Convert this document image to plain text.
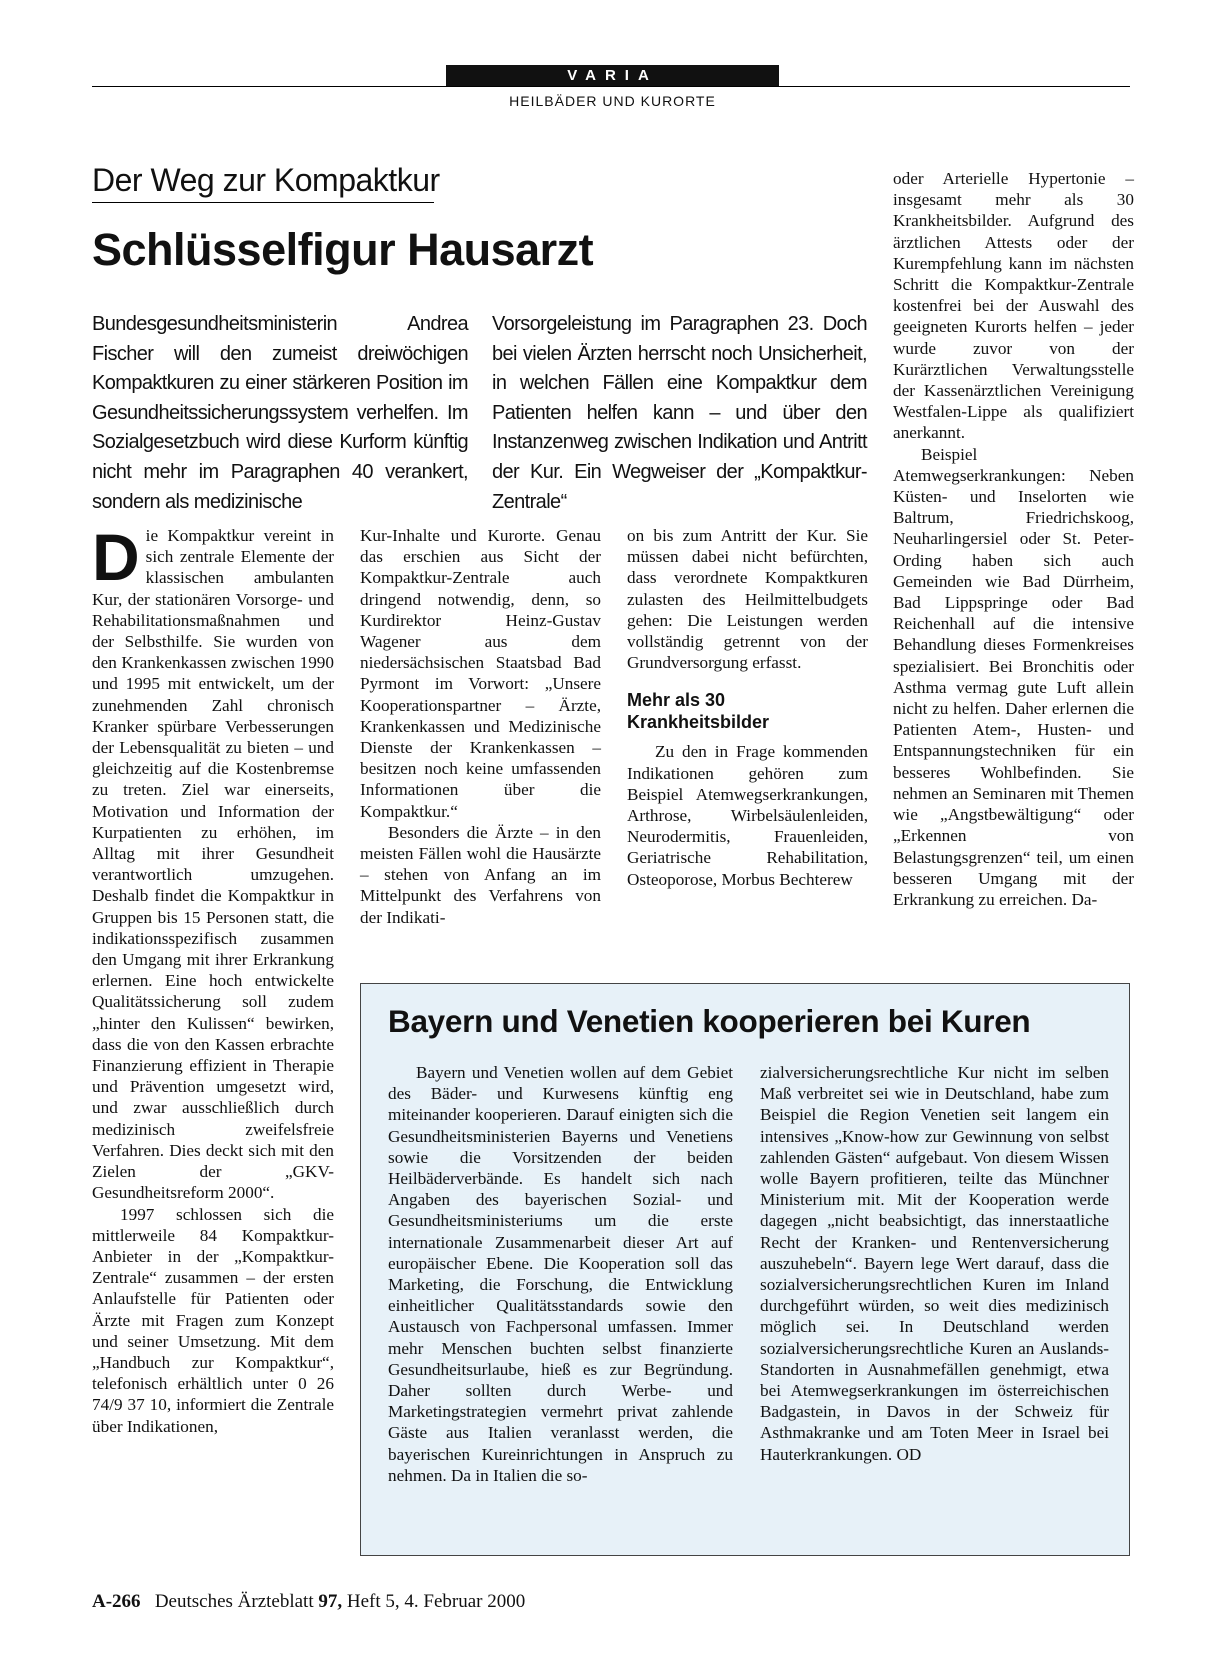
VARIA
HEILBÄDER UND KURORTE
Der Weg zur Kompaktkur
Schlüsselfigur Hausarzt

Bundesgesundheitsministerin Andrea Fischer will den zumeist dreiwöchigen Kompaktkuren zu einer stärkeren Position im Gesundheitssicherungssystem verhelfen. Im Sozialgesetzbuch wird diese Kurform künftig nicht mehr im Paragraphen 40 verankert, sondern als medizinische

Vorsorgeleistung im Paragraphen 23. Doch bei vielen Ärzten herrscht noch Unsicherheit, in welchen Fällen eine Kompaktkur dem Patienten helfen kann – und über den Instanzenweg zwischen Indikation und Antritt der Kur. Ein Wegweiser der „Kompaktkur-Zentrale“

Die Kompaktkur vereint in sich zentrale Elemente der klassischen ambulanten Kur, der stationären Vorsorge- und Rehabilitationsmaßnahmen und der Selbsthilfe. Sie wurden von den Krankenkassen zwischen 1990 und 1995 mit entwickelt, um der zunehmenden Zahl chronisch Kranker spürbare Verbesserungen der Lebensqualität zu bieten – und gleichzeitig auf die Kostenbremse zu treten. Ziel war einerseits, Motivation und Information der Kurpatienten zu erhöhen, im Alltag mit ihrer Gesundheit verantwortlich umzugehen. Deshalb findet die Kompaktkur in Gruppen bis 15 Personen statt, die indikationsspezifisch zusammen den Umgang mit ihrer Erkrankung erlernen. Eine hoch entwickelte Qualitätssicherung soll zudem „hinter den Kulissen“ bewirken, dass die von den Kassen erbrachte Finanzierung effizient in Therapie und Prävention umgesetzt wird, und zwar ausschließlich durch medizinisch zweifelsfreie Verfahren. Dies deckt sich mit den Zielen der „GKV-Gesundheitsreform 2000“.

1997 schlossen sich die mittlerweile 84 Kompaktkur-Anbieter in der „Kompaktkur-Zentrale“ zusammen – der ersten Anlaufstelle für Patienten oder Ärzte mit Fragen zum Konzept und seiner Umsetzung. Mit dem „Handbuch zur Kompaktkur“, telefonisch erhältlich unter 0 26 74/9 37 10, informiert die Zentrale über Indikationen,

Kur-Inhalte und Kurorte. Genau das erschien aus Sicht der Kompaktkur-Zentrale auch dringend notwendig, denn, so Kurdirektor Heinz-Gustav Wagener aus dem niedersächsischen Staatsbad Bad Pyrmont im Vorwort: „Unsere Kooperationspartner – Ärzte, Krankenkassen und Medizinische Dienste der Krankenkassen – besitzen noch keine umfassenden Informationen über die Kompaktkur.“

Besonders die Ärzte – in den meisten Fällen wohl die Hausärzte – stehen von Anfang an im Mittelpunkt des Verfahrens von der Indikati-

on bis zum Antritt der Kur. Sie müssen dabei nicht befürchten, dass verordnete Kompaktkuren zulasten des Heilmittelbudgets gehen: Die Leistungen werden vollständig getrennt von der Grundversorgung erfasst.

Mehr als 30 Krankheitsbilder

Zu den in Frage kommenden Indikationen gehören zum Beispiel Atemwegserkrankungen, Arthrose, Wirbelsäulenleiden, Neurodermitis, Frauenleiden, Geriatrische Rehabilitation, Osteoporose, Morbus Bechterew

oder Arterielle Hypertonie – insgesamt mehr als 30 Krankheitsbilder. Aufgrund des ärztlichen Attests oder der Kurempfehlung kann im nächsten Schritt die Kompaktkur-Zentrale kostenfrei bei der Auswahl des geeigneten Kurorts helfen – jeder wurde zuvor von der Kurärztlichen Verwaltungsstelle der Kassenärztlichen Vereinigung Westfalen-Lippe als qualifiziert anerkannt.

Beispiel Atemwegserkrankungen: Neben Küsten- und Inselorten wie Baltrum, Friedrichskoog, Neuharlingersiel oder St. Peter-Ording haben sich auch Gemeinden wie Bad Dürrheim, Bad Lippspringe oder Bad Reichenhall auf die intensive Behandlung dieses Formenkreises spezialisiert. Bei Bronchitis oder Asthma vermag gute Luft allein nicht zu helfen. Daher erlernen die Patienten Atem-, Husten- und Entspannungstechniken für ein besseres Wohlbefinden. Sie nehmen an Seminaren mit Themen wie „Angstbewältigung“ oder „Erkennen von Belastungsgrenzen“ teil, um einen besseren Umgang mit der Erkrankung zu erreichen. Da-

Bayern und Venetien kooperieren bei Kuren

Bayern und Venetien wollen auf dem Gebiet des Bäder- und Kurwesens künftig eng miteinander kooperieren. Darauf einigten sich die Gesundheitsministerien Bayerns und Venetiens sowie die Vorsitzenden der beiden Heilbäderverbände. Es handelt sich nach Angaben des bayerischen Sozial- und Gesundheitsministeriums um die erste internationale Zusammenarbeit dieser Art auf europäischer Ebene. Die Kooperation soll das Marketing, die Forschung, die Entwicklung einheitlicher Qualitätsstandards sowie den Austausch von Fachpersonal umfassen. Immer mehr Menschen buchten selbst finanzierte Gesundheitsurlaube, hieß es zur Begründung. Daher sollten durch Werbe- und Marketingstrategien vermehrt privat zahlende Gäste aus Italien veranlasst werden, die bayerischen Kureinrichtungen in Anspruch zu nehmen. Da in Italien die so-

zialversicherungsrechtliche Kur nicht im selben Maß verbreitet sei wie in Deutschland, habe zum Beispiel die Region Venetien seit langem ein intensives „Know-how zur Gewinnung von selbst zahlenden Gästen“ aufgebaut. Von diesem Wissen wolle Bayern profitieren, teilte das Münchner Ministerium mit. Mit der Kooperation werde dagegen „nicht beabsichtigt, das innerstaatliche Recht der Kranken- und Rentenversicherung auszuhebeln“. Bayern lege Wert darauf, dass die sozialversicherungsrechtlichen Kuren im Inland durchgeführt würden, so weit dies medizinisch möglich sei. In Deutschland werden sozialversicherungsrechtliche Kuren an Auslands-Standorten in Ausnahmefällen genehmigt, etwa bei Atemwegserkrankungen im österreichischen Badgastein, in Davos in der Schweiz für Asthmakranke und am Toten Meer in Israel bei Hauterkrankungen. OD

A-266 Deutsches Ärzteblatt 97, Heft 5, 4. Februar 2000
